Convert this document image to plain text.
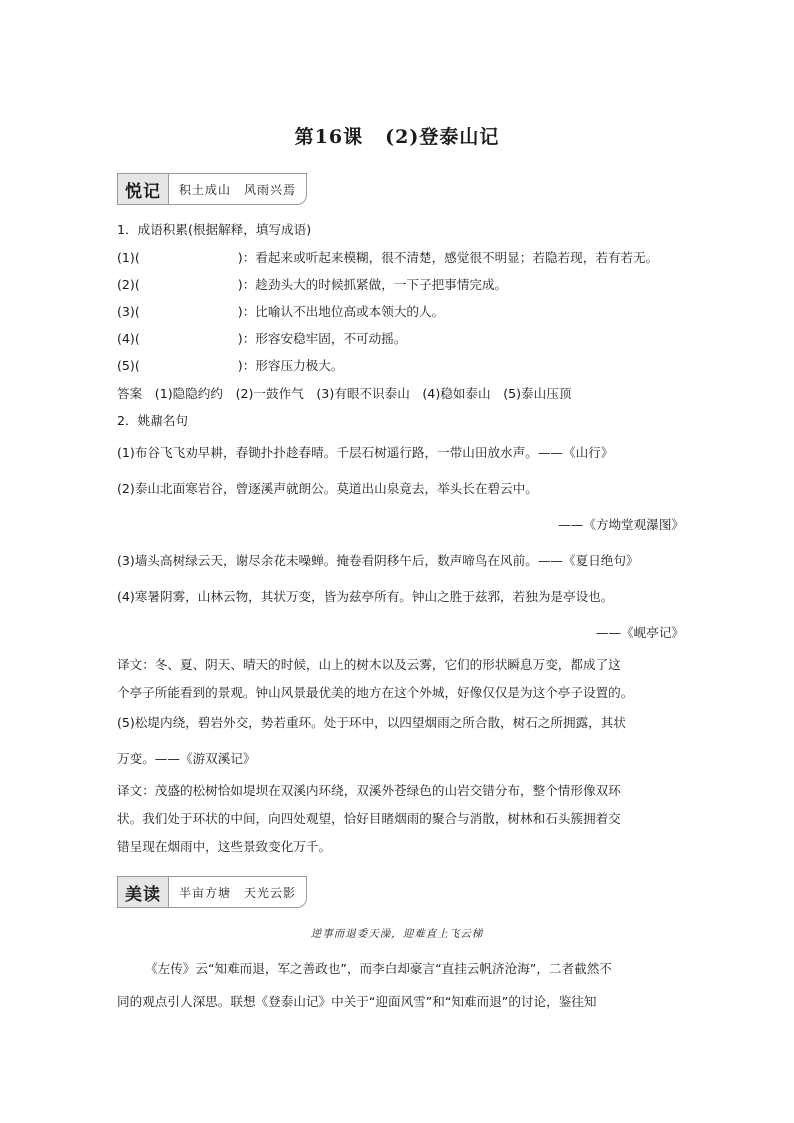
第16课 (2)登泰山记
悦记	积土成山　风雨兴焉
1．成语积累(根据解释，填写成语)
(1)(	)：看起来或听起来模糊，很不清楚，感觉很不明显；若隐若现，若有若无。
(2)(	)：趁劲头大的时候抓紧做，一下子把事情完成。
(3)(	)：比喻认不出地位高或本领大的人。
(4)(	)：形容安稳牢固，不可动摇。
(5)(	)：形容压力极大。
答案　(1)隐隐约约　(2)一鼓作气　(3)有眼不识泰山　(4)稳如泰山　(5)泰山压顶
2．姚鼐名句
(1)布谷飞飞劝早耕，春锄扑扑趁春晴。千层石树遥行路，一带山田放水声。——《山行》
(2)泰山北面寒岩谷，曾逐溪声就朗公。莫道出山泉竟去，举头长在碧云中。
——《方坳堂观瀑图》
(3)墙头高树绿云天，谢尽余花未噪蝉。掩卷看阴移午后，数声啼鸟在风前。——《夏日绝句》
(4)寒暑阴雾，山林云物，其状万变，皆为兹亭所有。钟山之胜于兹郛，若独为是亭设也。
——《岘亭记》
译文：冬、夏、阴天、晴天的时候，山上的树木以及云雾，它们的形状瞬息万变，都成了这
个亭子所能看到的景观。钟山风景最优美的地方在这个外城，好像仅仅是为这个亭子设置的。
(5)松堤内绕，碧岩外交，势若重环。处于环中，以四望烟雨之所合散，树石之所拥露，其状
万变。——《游双溪记》
译文：茂盛的松树恰如堤坝在双溪内环绕，双溪外苍绿色的山岩交错分布，整个情形像双环
状。我们处于环状的中间，向四处观望，恰好目睹烟雨的聚合与消散，树林和石头簇拥着交
错呈现在烟雨中，这些景致变化万千。
美读	半亩方塘　天光云影
逆事而退委天澡，迎难直上飞云梯
《左传》云“知难而退，军之善政也”，而李白却豪言“直挂云帆济沧海”，二者截然不
同的观点引人深思。联想《登泰山记》中关于“迎面风雪”和“知难而退”的讨论，鉴往知
